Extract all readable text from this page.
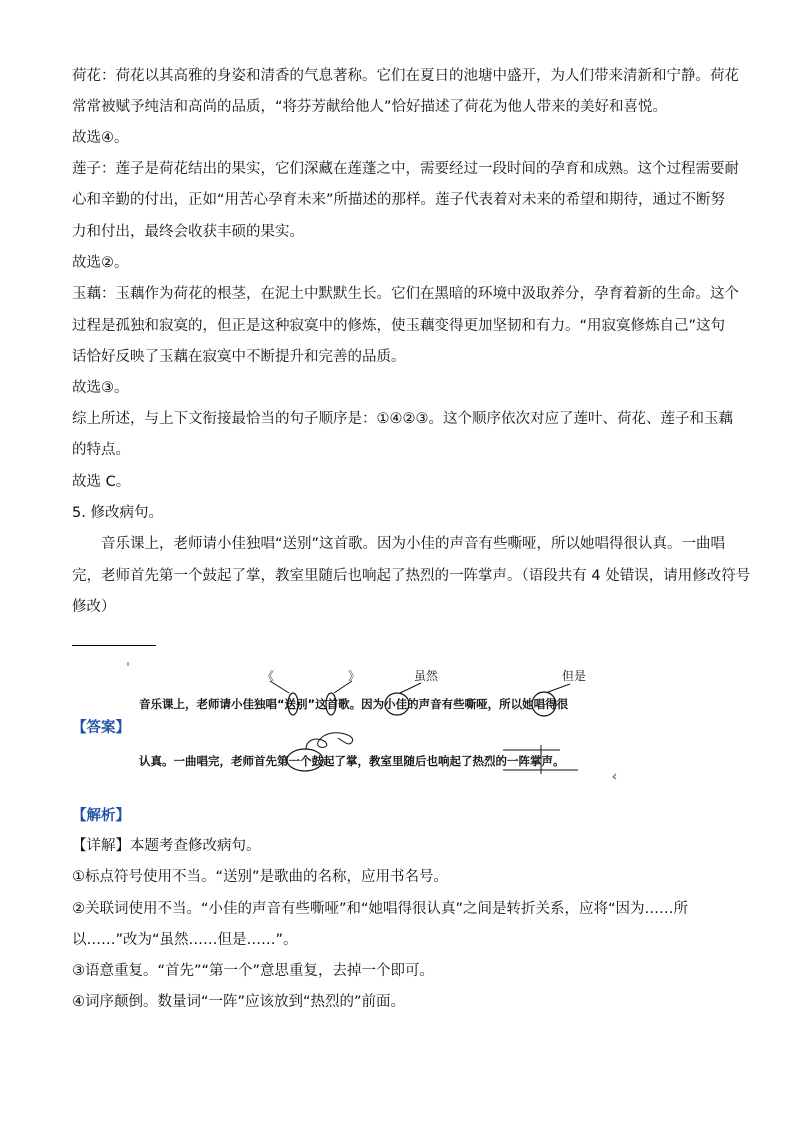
荷花：荷花以其高雅的身姿和清香的气息著称。它们在夏日的池塘中盛开，为人们带来清新和宁静。荷花
常常被赋予纯洁和高尚的品质，“将芬芳献给他人”恰好描述了荷花为他人带来的美好和喜悦。
故选④。
莲子：莲子是荷花结出的果实，它们深藏在莲蓬之中，需要经过一段时间的孕育和成熟。这个过程需要耐
心和辛勤的付出，正如“用苦心孕育未来”所描述的那样。莲子代表着对未来的希望和期待，通过不断努
力和付出，最终会收获丰硕的果实。
故选②。
玉藕：玉藕作为荷花的根茎，在泥土中默默生长。它们在黑暗的环境中汲取养分，孕育着新的生命。这个
过程是孤独和寂寞的，但正是这种寂寞中的修炼，使玉藕变得更加坚韧和有力。“用寂寞修炼自己”这句
话恰好反映了玉藕在寂寞中不断提升和完善的品质。
故选③。
综上所述，与上下文衔接最恰当的句子顺序是：①④②③。这个顺序依次对应了莲叶、荷花、莲子和玉藕
的特点。
故选 C。
5. 修改病句。
　　音乐课上，老师请小佳独唱“送别”这首歌。因为小佳的声音有些嘶哑，所以她唱得很认真。一曲唱
完，老师首先第一个鼓起了掌，教室里随后也响起了热烈的一阵掌声。（语段共有 4 处错误，请用修改符号
修改）
《	》	虽然	但是
音乐课上，老师请小佳独唱“送别”这首歌。因为小佳的声音有些嘶哑，所以她唱得很
认真。一曲唱完，老师首先第一个鼓起了掌，教室里随后也响起了热烈的一阵掌声。
【答案】
【解析】
【详解】本题考查修改病句。
①标点符号使用不当。“送别”是歌曲的名称，应用书名号。
②关联词使用不当。“小佳的声音有些嘶哑”和“她唱得很认真”之间是转折关系，应将“因为……所
以……”改为“虽然……但是……”。
③语意重复。“首先”“第一个”意思重复，去掉一个即可。
④词序颠倒。数量词“一阵”应该放到“热烈的”前面。
